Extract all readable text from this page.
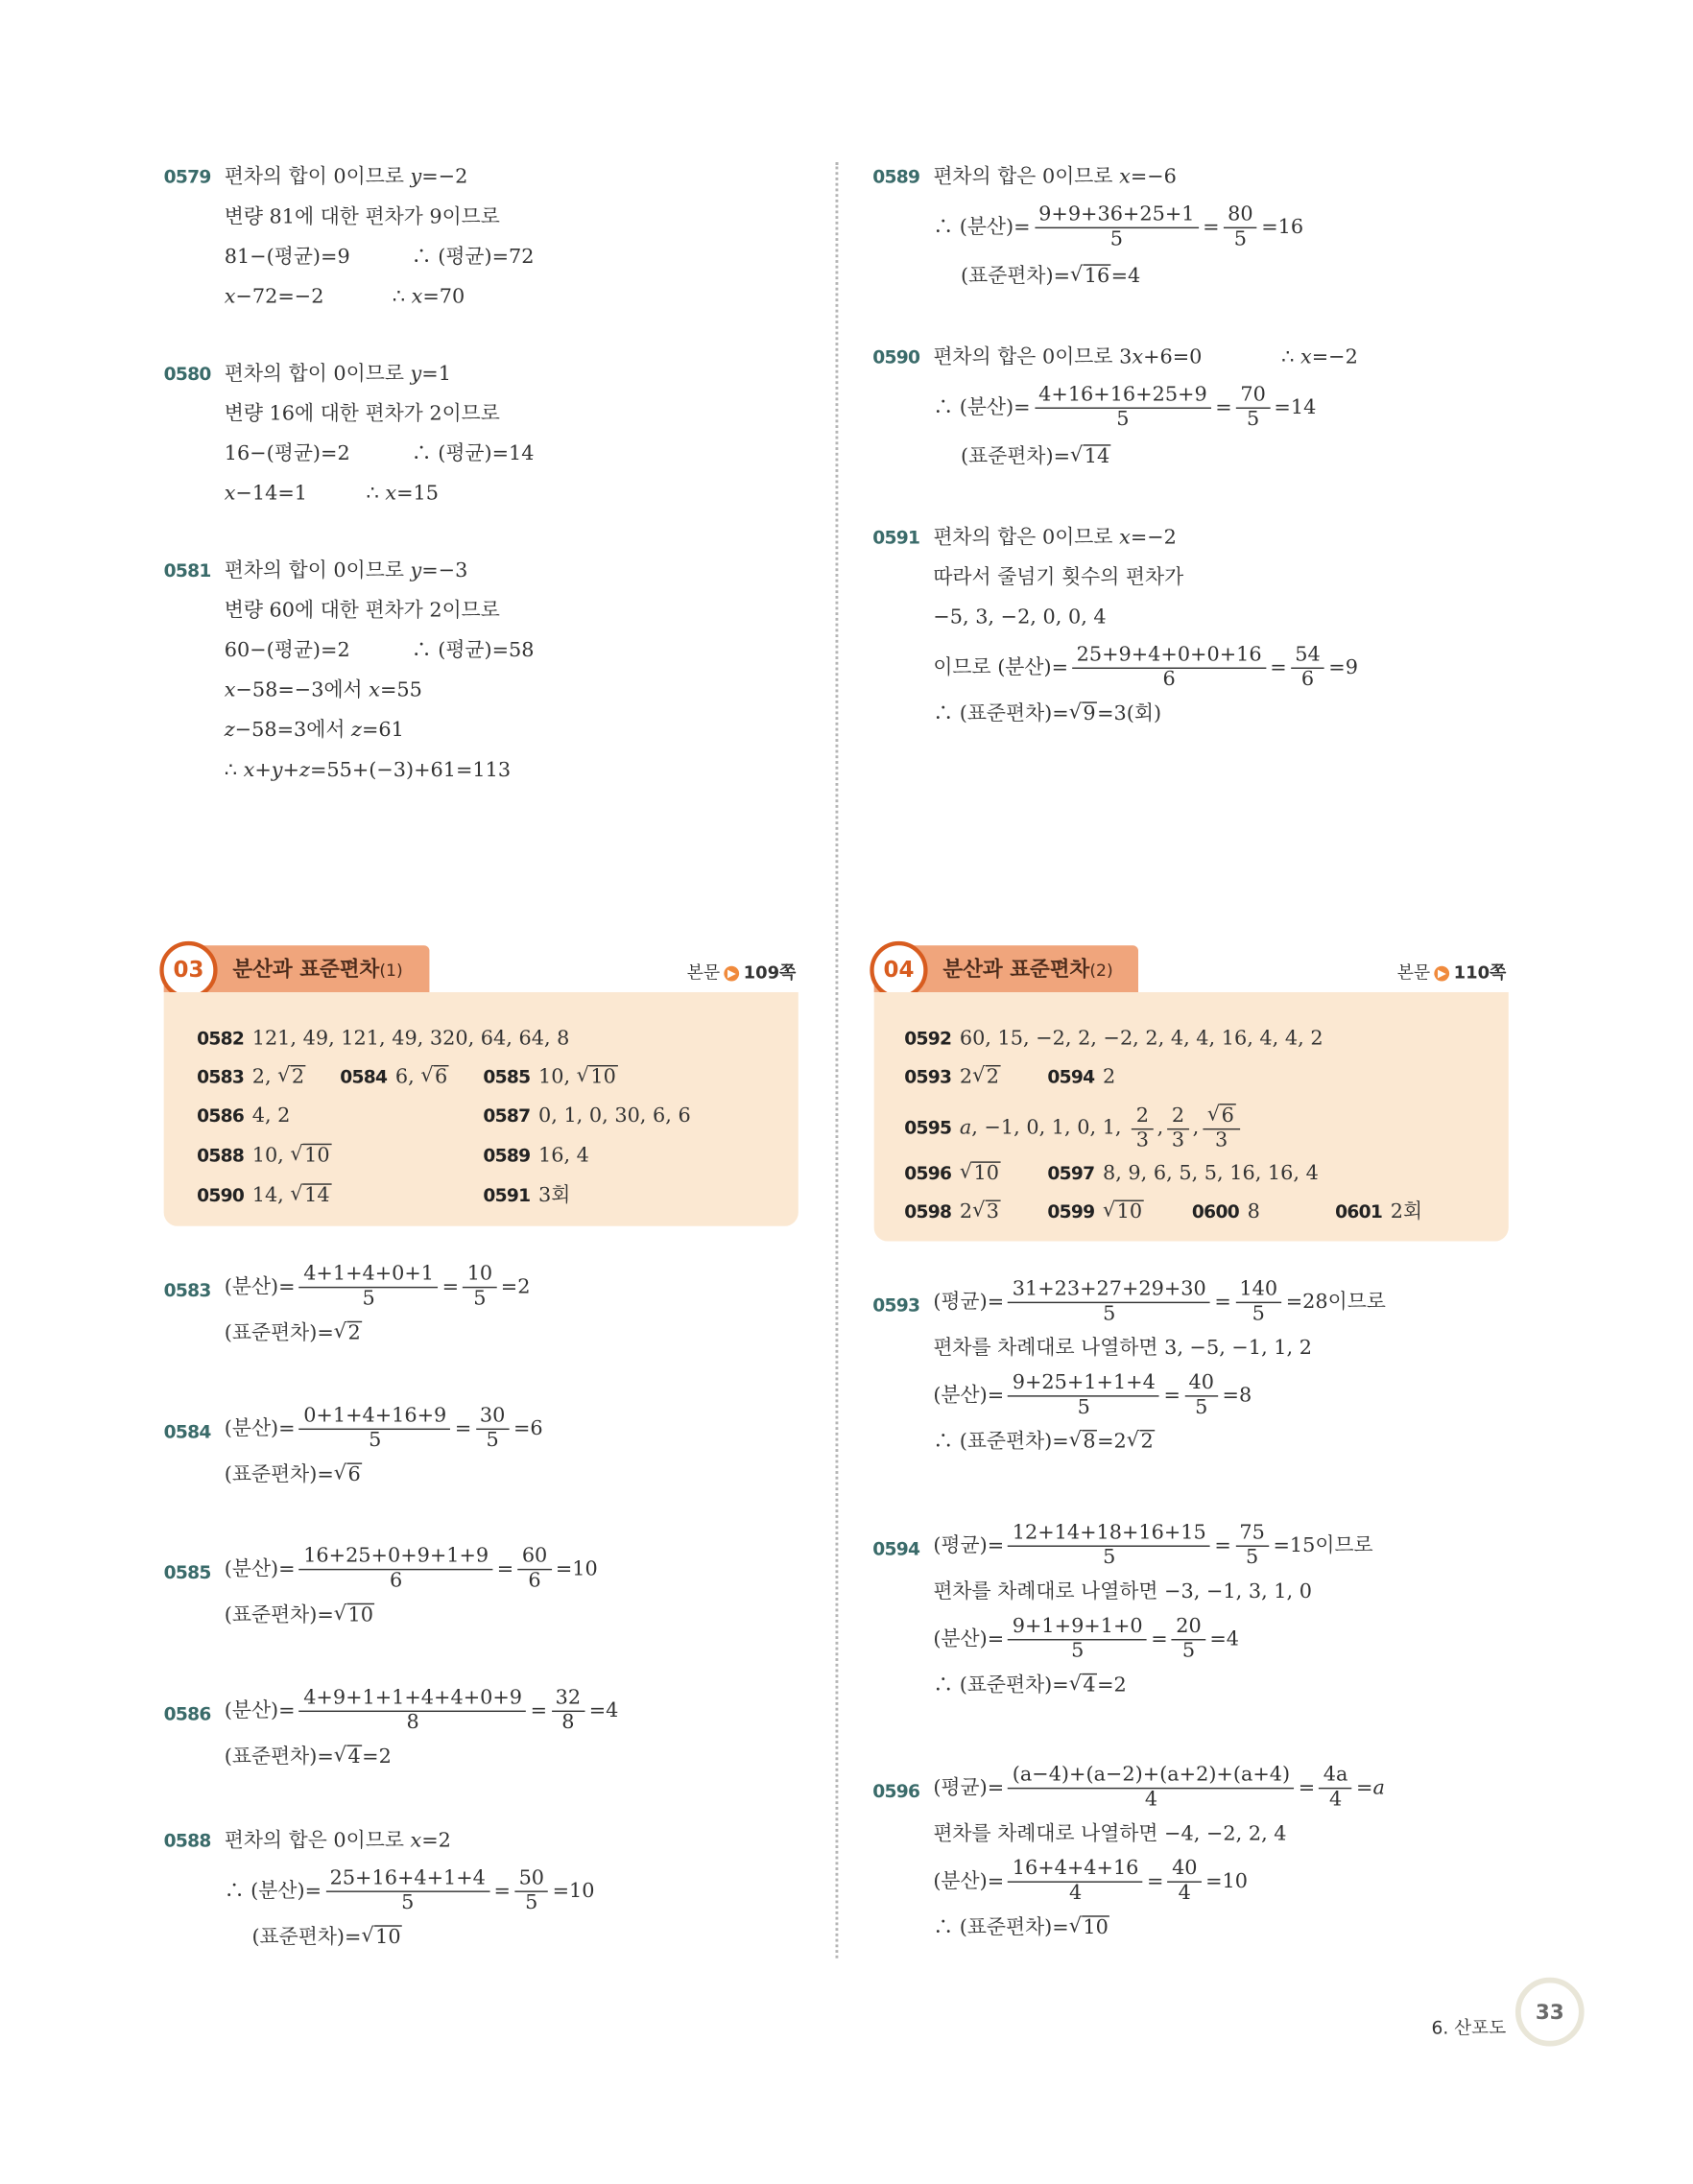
0579 편차의 합이 0이므로 y=−2
변량 81에 대한 편차가 9이므로
81−(평균)=9	∴ (평균)=72
x−72=−2	∴ x=70
0580 편차의 합이 0이므로 y=1
변량 16에 대한 편차가 2이므로
16−(평균)=2	∴ (평균)=14
x−14=1	∴ x=15
0581 편차의 합이 0이므로 y=−3
변량 60에 대한 편차가 2이므로
60−(평균)=2	∴ (평균)=58
x−58=−3에서 x=55
z−58=3에서 z=61
∴ x+y+z=55+(−3)+61=113
0589 편차의 합은 0이므로 x=−6
∴ (분산)= $\frac{9+9+36+25+1}{5} = \frac{80}{5} =16$
(표준편차)=√16=4
0590 편차의 합은 0이므로 3x+6=0	∴ x=−2
∴ (분산)= $\frac{4+16+16+25+9}{5} = \frac{70}{5} =14$
(표준편차)=√14
0591 편차의 합은 0이므로 x=−2
따라서 줄넘기 횟수의 편차가
−5, 3, −2, 0, 0, 4
이므로 (분산)= $\frac{25+9+4+0+0+16}{6} = \frac{54}{6} =9$
∴ (표준편차)=√9=3(회)
03	분산과 표준편차(1)	본문 ▶ 109쪽
0582 121, 49, 121, 49, 320, 64, 64, 8
0583 2, √2	0584 6, √6	0585 10, √10
0586 4, 2	0587 0, 1, 0, 30, 6, 6
0588 10, √10	0589 16, 4
0590 14, √14	0591 3회
04	분산과 표준편차(2)	본문 ▶ 110쪽
0592 60, 15, −2, 2, −2, 2, 4, 4, 16, 4, 4, 2
0593 2√2	0594 2
0595 a, −1, 0, 1, 0, 1, $\frac{2}{3}$ , $\frac{2}{3}$ , $\frac{√6}{3}$
0596 √10	0597 8, 9, 6, 5, 5, 16, 16, 4
0598 2√3	0599 √10	0600 8	0601 2회
0583 (분산)= $\frac{4+1+4+0+1}{5} = \frac{10}{5} =2$
(표준편차)=√2
0584 (분산)= $\frac{0+1+4+16+9}{5} = \frac{30}{5} =6$
(표준편차)=√6
0585 (분산)= $\frac{16+25+0+9+1+9}{6} = \frac{60}{6} =10$
(표준편차)=√10
0586 (분산)= $\frac{4+9+1+1+4+4+0+9}{8} = \frac{32}{8} =4$
(표준편차)=√4=2
0588 편차의 합은 0이므로 x=2
∴ (분산)= $\frac{25+16+4+1+4}{5} = \frac{50}{5} =10$
(표준편차)=√10
0593 (평균)= $\frac{31+23+27+29+30}{5} = \frac{140}{5} =28$이므로
편차를 차례대로 나열하면 3, −5, −1, 1, 2
(분산)= $\frac{9+25+1+1+4}{5} = \frac{40}{5} =8$
∴ (표준편차)=√8=2√2
0594 (평균)= $\frac{12+14+18+16+15}{5} = \frac{75}{5} =15$이므로
편차를 차례대로 나열하면 −3, −1, 3, 1, 0
(분산)= $\frac{9+1+9+1+0}{5} = \frac{20}{5} =4$
∴ (표준편차)=√4=2
0596 (평균)= $\frac{(a-4)+(a-2)+(a+2)+(a+4)}{4} = \frac{4a}{4} =a$
편차를 차례대로 나열하면 −4, −2, 2, 4
(분산)= $\frac{16+4+4+16}{4} = \frac{40}{4} =10$
∴ (표준편차)=√10
6. 산포도
33
